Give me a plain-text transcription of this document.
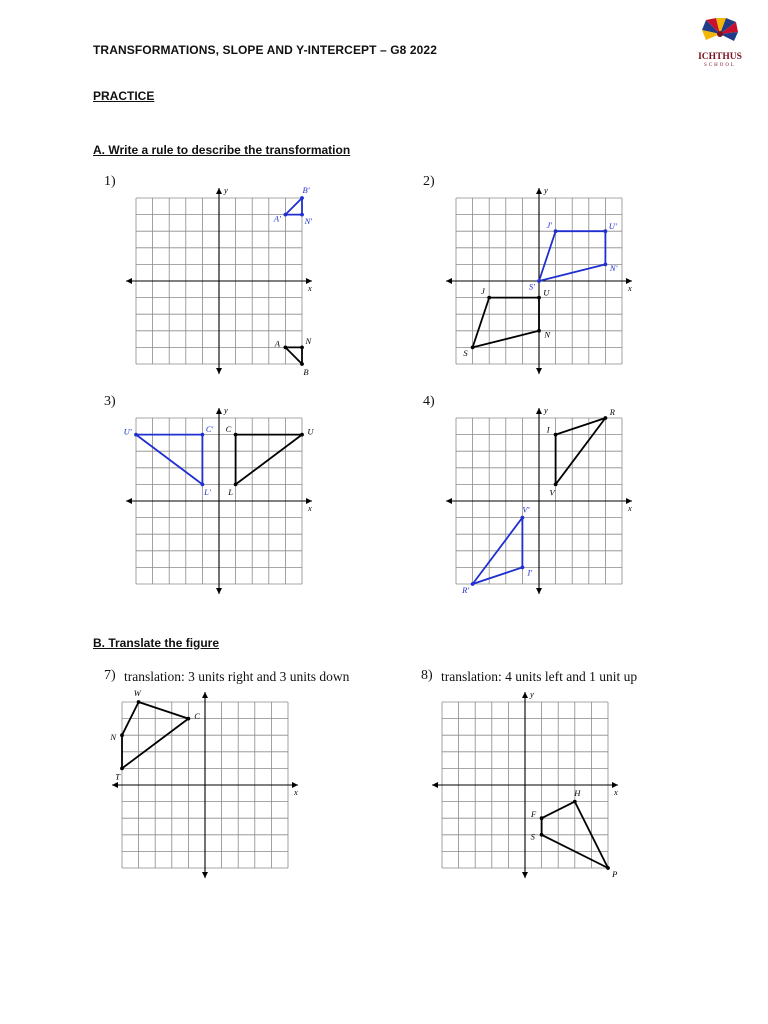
TRANSFORMATIONS, SLOPE AND Y-INTERCEPT – G8 2022	ICHTHUS
SCHOOL
PRACTICE
A. Write a rule to describe the transformation
B. Translate the figure
1)	2)
3)	4)
7) translation: 3 units right and 3 units down	8) translation: 4 units left and 1 unit up
x
y	B'
N'
A'
A	N
B
x
y
J'	U'
N'
S'
J	U
N
S
x
y
U'	C'
L'
C	U
L
x
y
I
R
V
V'
I'
R'
x
W
C
T
N
x
y
H
P
S
F
